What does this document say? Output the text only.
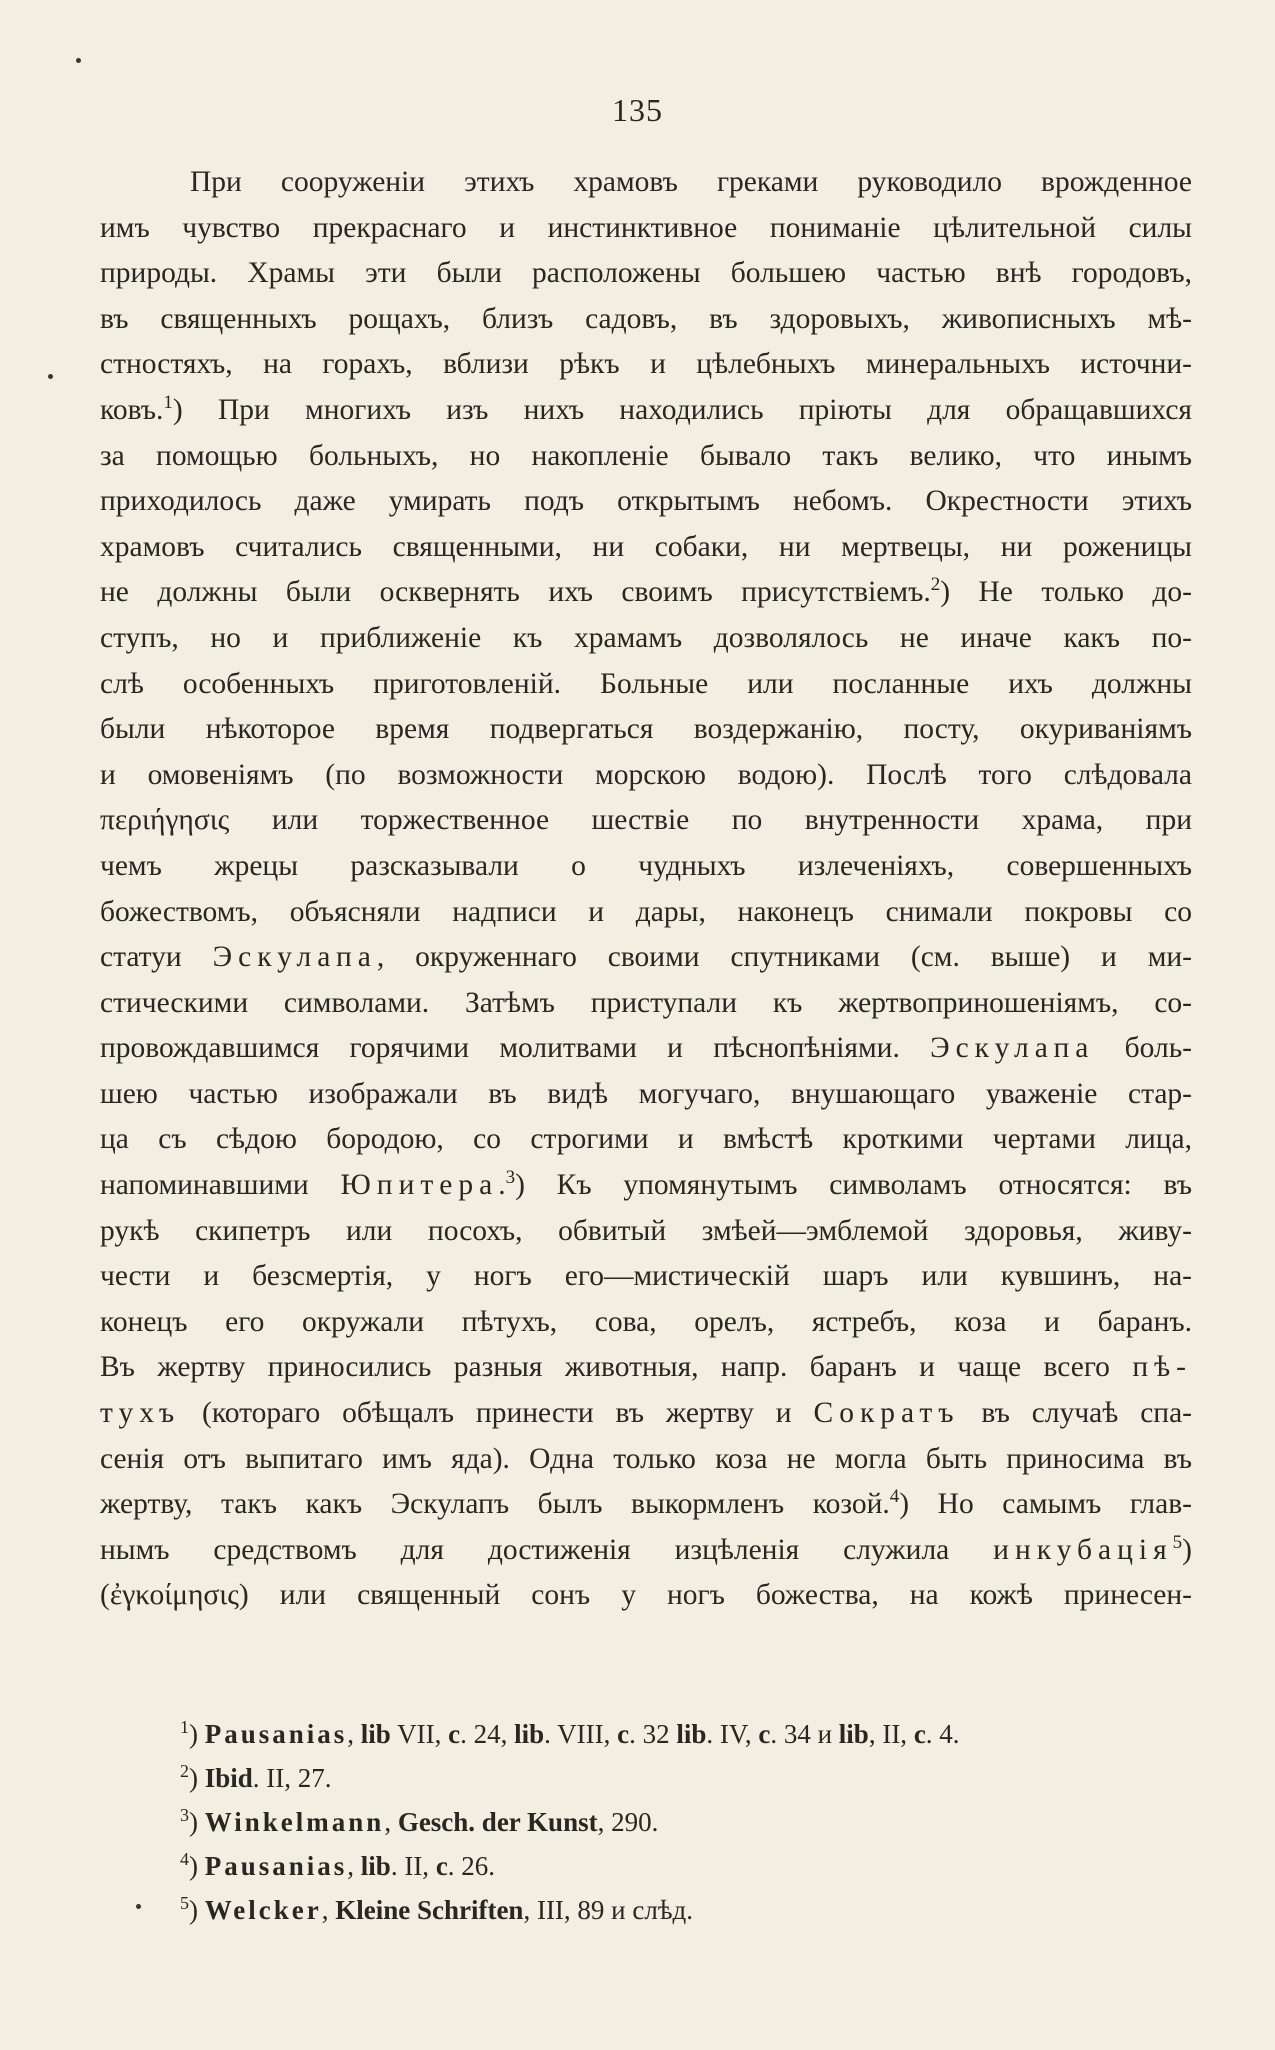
135
При сооруженіи этихъ храмовъ греками руководило врожденное
имъ чувство прекраснаго и инстинктивное пониманіе цѣлительной силы
природы. Храмы эти были расположены большею частью внѣ городовъ,
въ священныхъ рощахъ, близъ садовъ, въ здоровыхъ, живописныхъ мѣ-
стностяхъ, на горахъ, вблизи рѣкъ и цѣлебныхъ минеральныхъ источни-
ковъ.$^1$) При многихъ изъ нихъ находились пріюты для обращавшихся
за помощью больныхъ, но накопленіе бывало такъ велико, что инымъ
приходилось даже умирать подъ открытымъ небомъ. Окрестности этихъ
храмовъ считались священными, ни собаки, ни мертвецы, ни роженицы
не должны были осквернять ихъ своимъ присутствіемъ.$^2$) Не только до-
ступъ, но и приближеніе къ храмамъ дозволялось не иначе какъ по-
слѣ особенныхъ приготовленій. Больные или посланные ихъ должны
были нѣкоторое время подвергаться воздержанію, посту, окуриваніямъ
и омовеніямъ (по возможности морскою водою). Послѣ того слѣдовала
περιήγησις или торжественное шествіе по внутренности храма, при
чемъ жрецы разсказывали о чудныхъ излеченіяхъ, совершенныхъ
божествомъ, объясняли надписи и дары, наконецъ снимали покровы со
статуи Эскулапа, окруженнаго своими спутниками (см. выше) и ми-
стическими символами. Затѣмъ приступали къ жертвоприношеніямъ, со-
провождавшимся горячими молитвами и пѣснопѣніями. Эскулапа боль-
шею частью изображали въ видѣ могучаго, внушающаго уваженіе стар-
ца съ сѣдою бородою, со строгими и вмѣстѣ кроткими чертами лица,
напоминавшими Юпитера.$^3$) Къ упомянутымъ символамъ относятся: въ
рукѣ скипетръ или посохъ, обвитый змѣей—эмблемой здоровья, живу-
чести и безсмертія, у ногъ его—мистическій шаръ или кувшинъ, на-
конецъ его окружали пѣтухъ, сова, орелъ, ястребъ, коза и баранъ.
Въ жертву приносились разныя животныя, напр. баранъ и чаще всего пѣ-
тухъ (котораго обѣщалъ принести въ жертву и Сократъ въ случаѣ спа-
сенія отъ выпитаго имъ яда). Одна только коза не могла быть приносима въ
жертву, такъ какъ Эскулапъ былъ выкормленъ козой.$^4$) Но самымъ глав-
нымъ средствомъ для достиженія изцѣленія служила инкубація$^5$)
(ἐγκοίμησις) или священный сонъ у ногъ божества, на кожѣ принесен-
$^1$) Pausanias, lib VII, c. 24, lib. VIII, c. 32 lib. IV, c. 34 и lib, II, c. 4.
$^2$) Ibid. II, 27.
$^3$) Winkelmann, Gesch. der Kunst, 290.
$^4$) Pausanias, lib. II, c. 26.
$^5$) Welcker, Kleine Schriften, III, 89 и слѣд.
